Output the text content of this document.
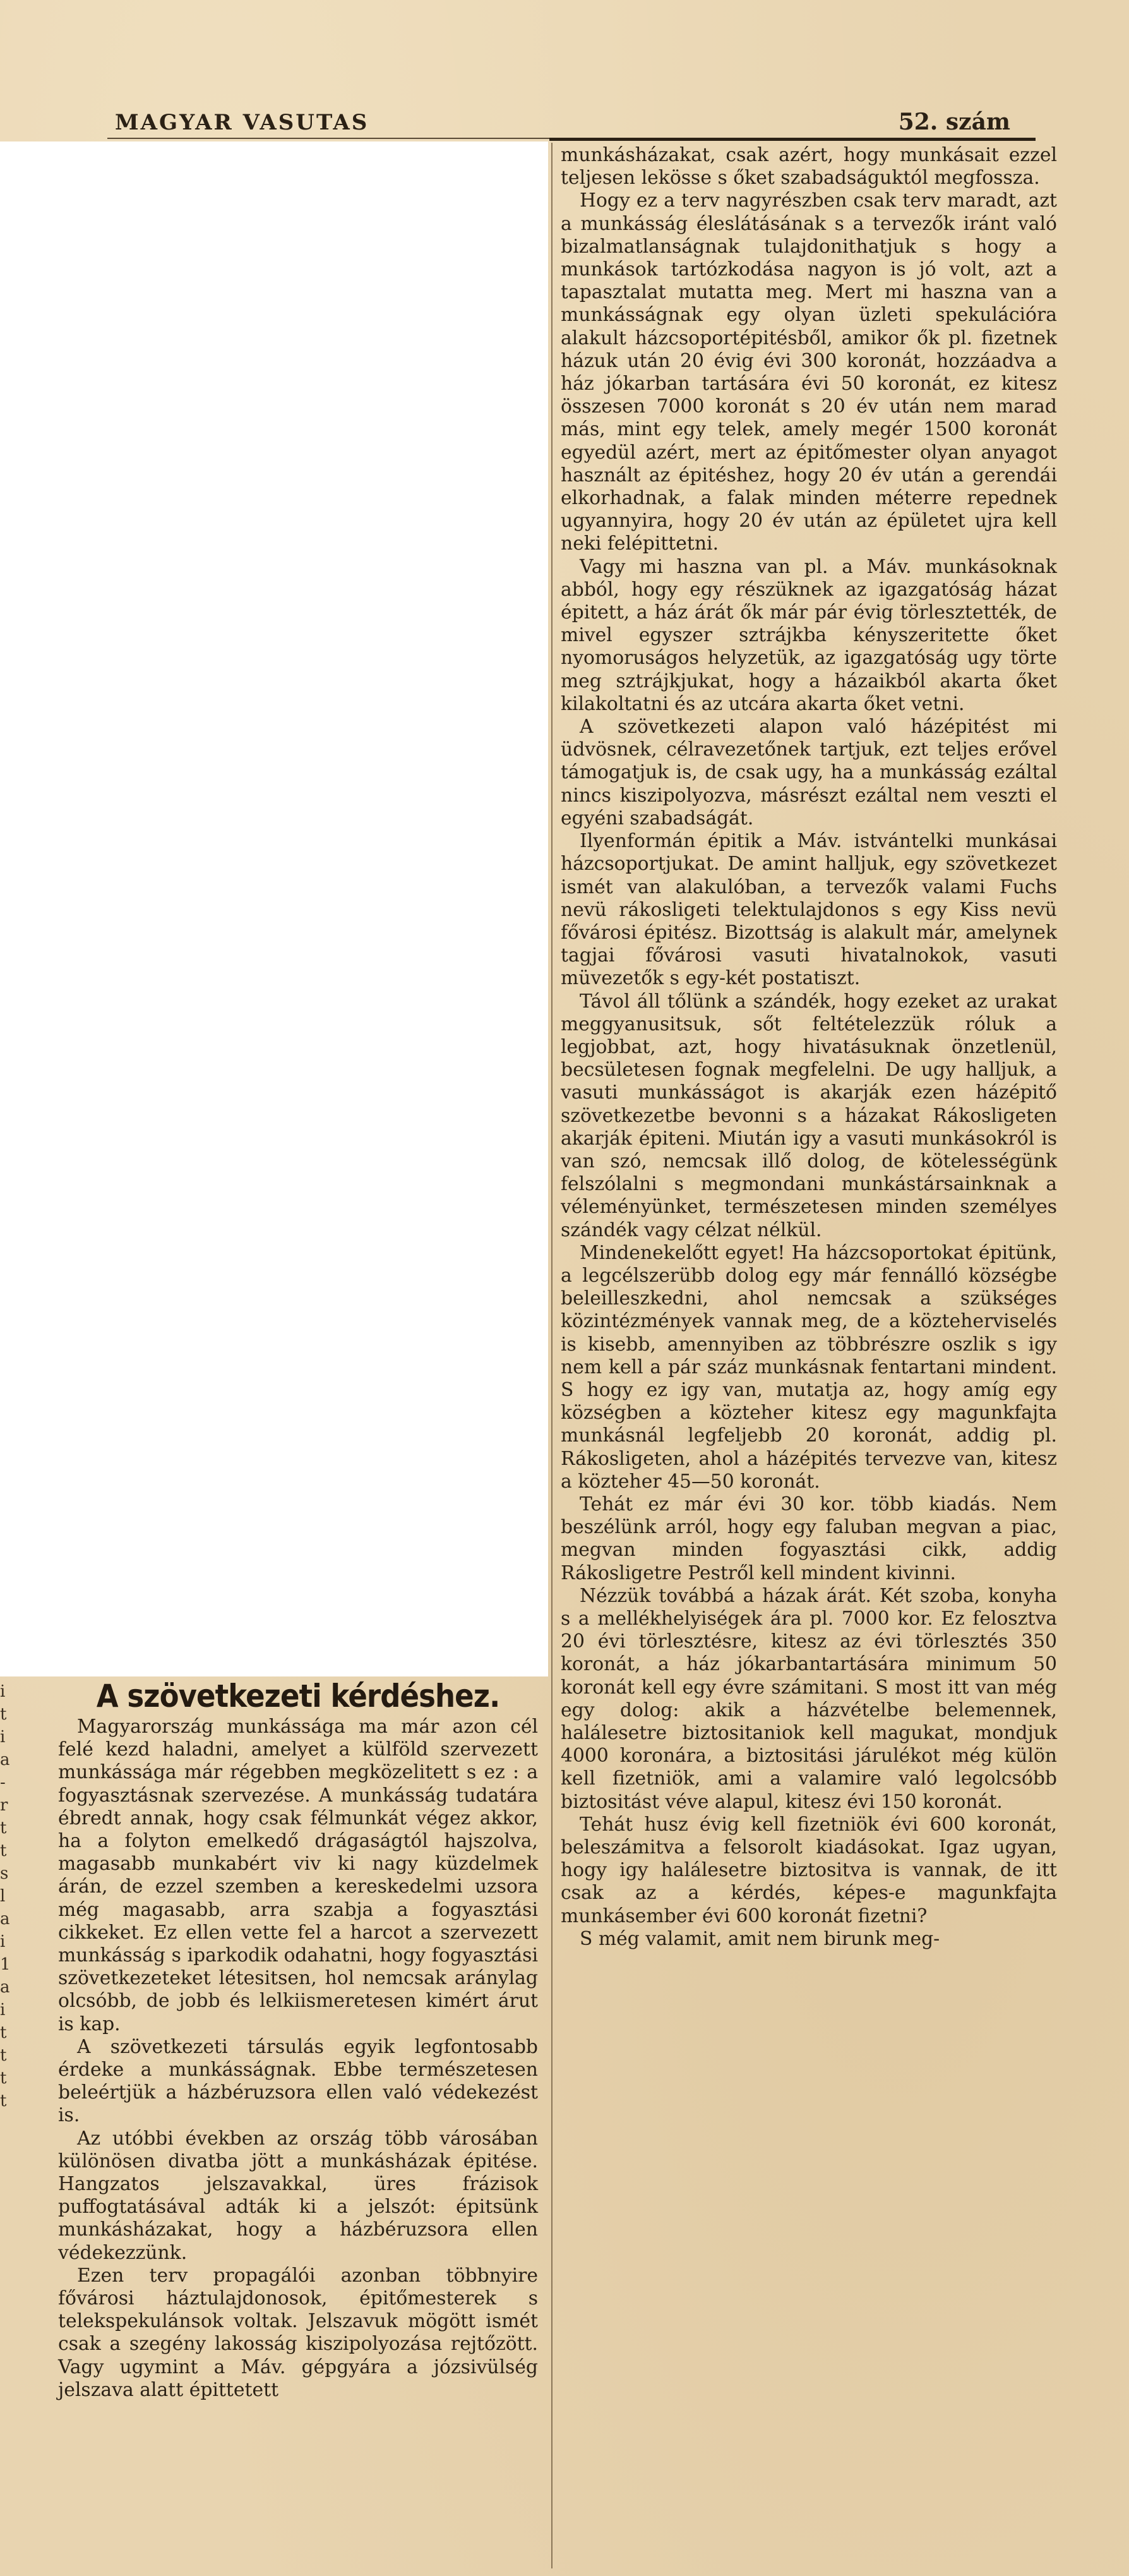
MAGYAR VASUTAS	52. szám
i
t
i
a
-
r
t
t
s
l
a
i
1
a
i
t
t
t
t

munkásházakat, csak azért, hogy munkásait ezzel teljesen lekösse s őket szabadságuktól megfossza.

Hogy ez a terv nagyrészben csak terv maradt, azt a munkásság éleslátásának s a tervezők iránt való bizalmatlanságnak tulajdonithatjuk s hogy a munkások tartózkodása nagyon is jó volt, azt a tapasztalat mutatta meg. Mert mi haszna van a munkásságnak egy olyan üzleti spekulációra alakult házcsoportépitésből, amikor ők pl. fizetnek házuk után 20 évig évi 300 koronát, hozzáadva a ház jókarban tartására évi 50 koronát, ez kitesz összesen 7000 koronát s 20 év után nem marad más, mint egy telek, amely megér 1500 koronát egyedül azért, mert az épitőmester olyan anyagot használt az épitéshez, hogy 20 év után a gerendái elkorhadnak, a falak minden méterre repednek ugyannyira, hogy 20 év után az épületet ujra kell neki felépittetni.

Vagy mi haszna van pl. a Máv. munkásoknak abból, hogy egy részüknek az igazgatóság házat épitett, a ház árát ők már pár évig törlesztették, de mivel egyszer sztrájkba kényszeritette őket nyomoruságos helyzetük, az igazgatóság ugy törte meg sztrájkjukat, hogy a házaikból akarta őket kilakoltatni és az utcára akarta őket vetni.

A szövetkezeti alapon való házépitést mi üdvösnek, célravezetőnek tartjuk, ezt teljes erővel támogatjuk is, de csak ugy, ha a munkásság ezáltal nincs kiszipolyozva, másrészt ezáltal nem veszti el egyéni szabadságát.

Ilyenformán épitik a Máv. istvántelki munkásai házcsoportjukat. De amint halljuk, egy szövetkezet ismét van alakulóban, a tervezők valami Fuchs nevü rákosligeti telektulajdonos s egy Kiss nevü fővárosi épitész. Bizottság is alakult már, amelynek tagjai fővárosi vasuti hivatalnokok, vasuti müvezetők s egy-két postatiszt.

Távol áll tőlünk a szándék, hogy ezeket az urakat meggyanusitsuk, sőt feltételezzük róluk a legjobbat, azt, hogy hivatásuknak önzetlenül, becsületesen fognak megfelelni. De ugy halljuk, a vasuti munkásságot is akarják ezen házépitő szövetkezetbe bevonni s a házakat Rákosligeten akarják épiteni. Miután igy a vasuti munkásokról is van szó, nemcsak illő dolog, de kötelességünk felszólalni s megmondani munkástársainknak a véleményünket, természetesen minden személyes szándék vagy célzat nélkül.

Mindenekelőtt egyet! Ha házcsoportokat épitünk, a legcélszerübb dolog egy már fennálló községbe beleilleszkedni, ahol nemcsak a szükséges közintézmények vannak meg, de a közteherviselés is kisebb, amennyiben az többrészre oszlik s igy nem kell a pár száz munkásnak fentartani mindent. S hogy ez igy van, mutatja az, hogy amíg egy községben a közteher kitesz egy magunkfajta munkásnál legfeljebb 20 koronát, addig pl. Rákosligeten, ahol a házépités tervezve van, kitesz a közteher 45—50 koronát.

Tehát ez már évi 30 kor. több kiadás. Nem beszélünk arról, hogy egy faluban megvan a piac, megvan minden fogyasztási cikk, addig Rákosligetre Pestről kell mindent kivinni.

Nézzük továbbá a házak árát. Két szoba, konyha s a mellékhelyiségek ára pl. 7000 kor. Ez felosztva 20 évi törlesztésre, kitesz az évi törlesztés 350 koronát, a ház jókarbantartására minimum 50 koronát kell egy évre számitani. S most itt van még egy dolog: akik a házvételbe belemennek, halálesetre biztositaniok kell magukat, mondjuk 4000 koronára, a biztositási járulékot még külön kell fizetniök, ami a valamire való legolcsóbb biztositást véve alapul, kitesz évi 150 koronát.

Tehát husz évig kell fizetniök évi 600 koronát, beleszámitva a felsorolt kiadásokat. Igaz ugyan, hogy igy halálesetre biztositva is vannak, de itt csak az a kérdés, képes-e magunkfajta munkásember évi 600 koronát fizetni?

S még valamit, amit nem birunk meg-

A szövetkezeti kérdéshez.

Magyarország munkássága ma már azon cél felé kezd haladni, amelyet a külföld szervezett munkássága már régebben megközelitett s ez : a fogyasztásnak szervezése. A munkásság tudatára ébredt annak, hogy csak félmunkát végez akkor, ha a folyton emelkedő drágaságtól hajszolva, magasabb munkabért viv ki nagy küzdelmek árán, de ezzel szemben a kereskedelmi uzsora még magasabb, arra szabja a fogyasztási cikkeket. Ez ellen vette fel a harcot a szervezett munkásság s iparkodik odahatni, hogy fogyasztási szövetkezeteket létesitsen, hol nemcsak aránylag olcsóbb, de jobb és lelkiismeretesen kimért árut is kap.

A szövetkezeti társulás egyik legfontosabb érdeke a munkásságnak. Ebbe természetesen beleértjük a házbéruzsora ellen való védekezést is.

Az utóbbi években az ország több városában különösen divatba jött a munkásházak épitése. Hangzatos jelszavakkal, üres frázisok puffogtatásával adták ki a jelszót: épitsünk munkásházakat, hogy a házbéruzsora ellen védekezzünk.

Ezen terv propagálói azonban többnyire fővárosi háztulajdonosok, épitőmesterek s telekspekulánsok voltak. Jelszavuk mögött ismét csak a szegény lakosság kiszipolyozása rejtőzött. Vagy ugymint a Máv. gépgyára a józsivülség jelszava alatt épittetett
